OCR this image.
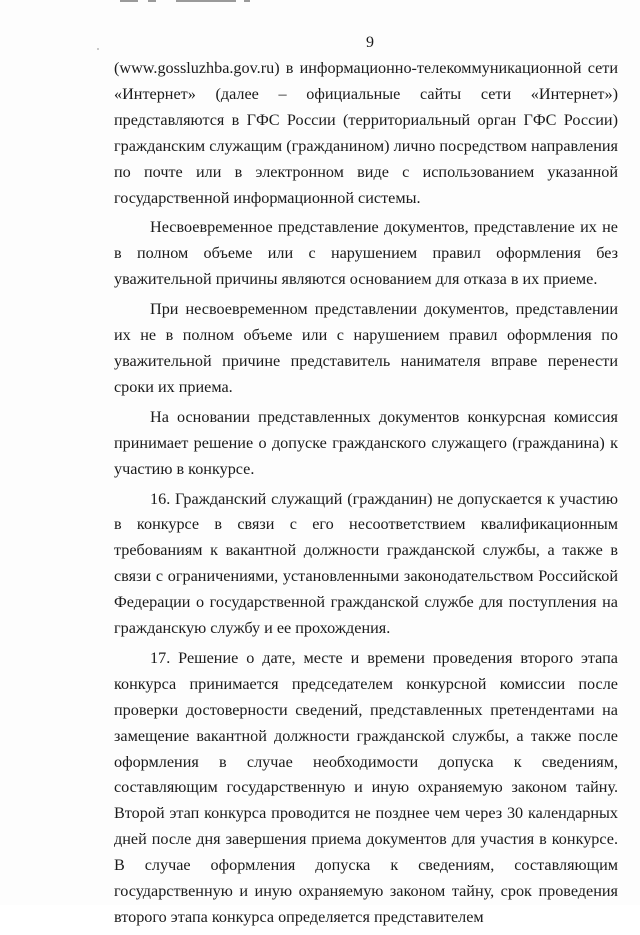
9

(www.gossluzhba.gov.ru) в информационно-телекоммуникационной сети «Интернет» (далее – официальные сайты сети «Интернет») представляются в ГФС России (территориальный орган ГФС России) гражданским служащим (гражданином) лично посредством направления по почте или в электронном виде с использованием указанной государственной информационной системы.

Несвоевременное представление документов, представление их не в полном объеме или с нарушением правил оформления без уважительной причины являются основанием для отказа в их приеме.

При несвоевременном представлении документов, представлении их не в полном объеме или с нарушением правил оформления по уважительной причине представитель нанимателя вправе перенести сроки их приема.

На основании представленных документов конкурсная комиссия принимает решение о допуске гражданского служащего (гражданина) к участию в конкурсе.

16. Гражданский служащий (гражданин) не допускается к участию в конкурсе в связи с его несоответствием квалификационным требованиям к вакантной должности гражданской службы, а также в связи с ограничениями, установленными законодательством Российской Федерации о государственной гражданской службе для поступления на гражданскую службу и ее прохождения.

17. Решение о дате, месте и времени проведения второго этапа конкурса принимается председателем конкурсной комиссии после проверки достоверности сведений, представленных претендентами на замещение вакантной должности гражданской службы, а также после оформления в случае необходимости допуска к сведениям, составляющим государственную и иную охраняемую законом тайну. Второй этап конкурса проводится не позднее чем через 30 календарных дней после дня завершения приема документов для участия в конкурсе. В случае оформления допуска к сведениям, составляющим государственную и иную охраняемую законом тайну, срок проведения второго этапа конкурса определяется представителем
